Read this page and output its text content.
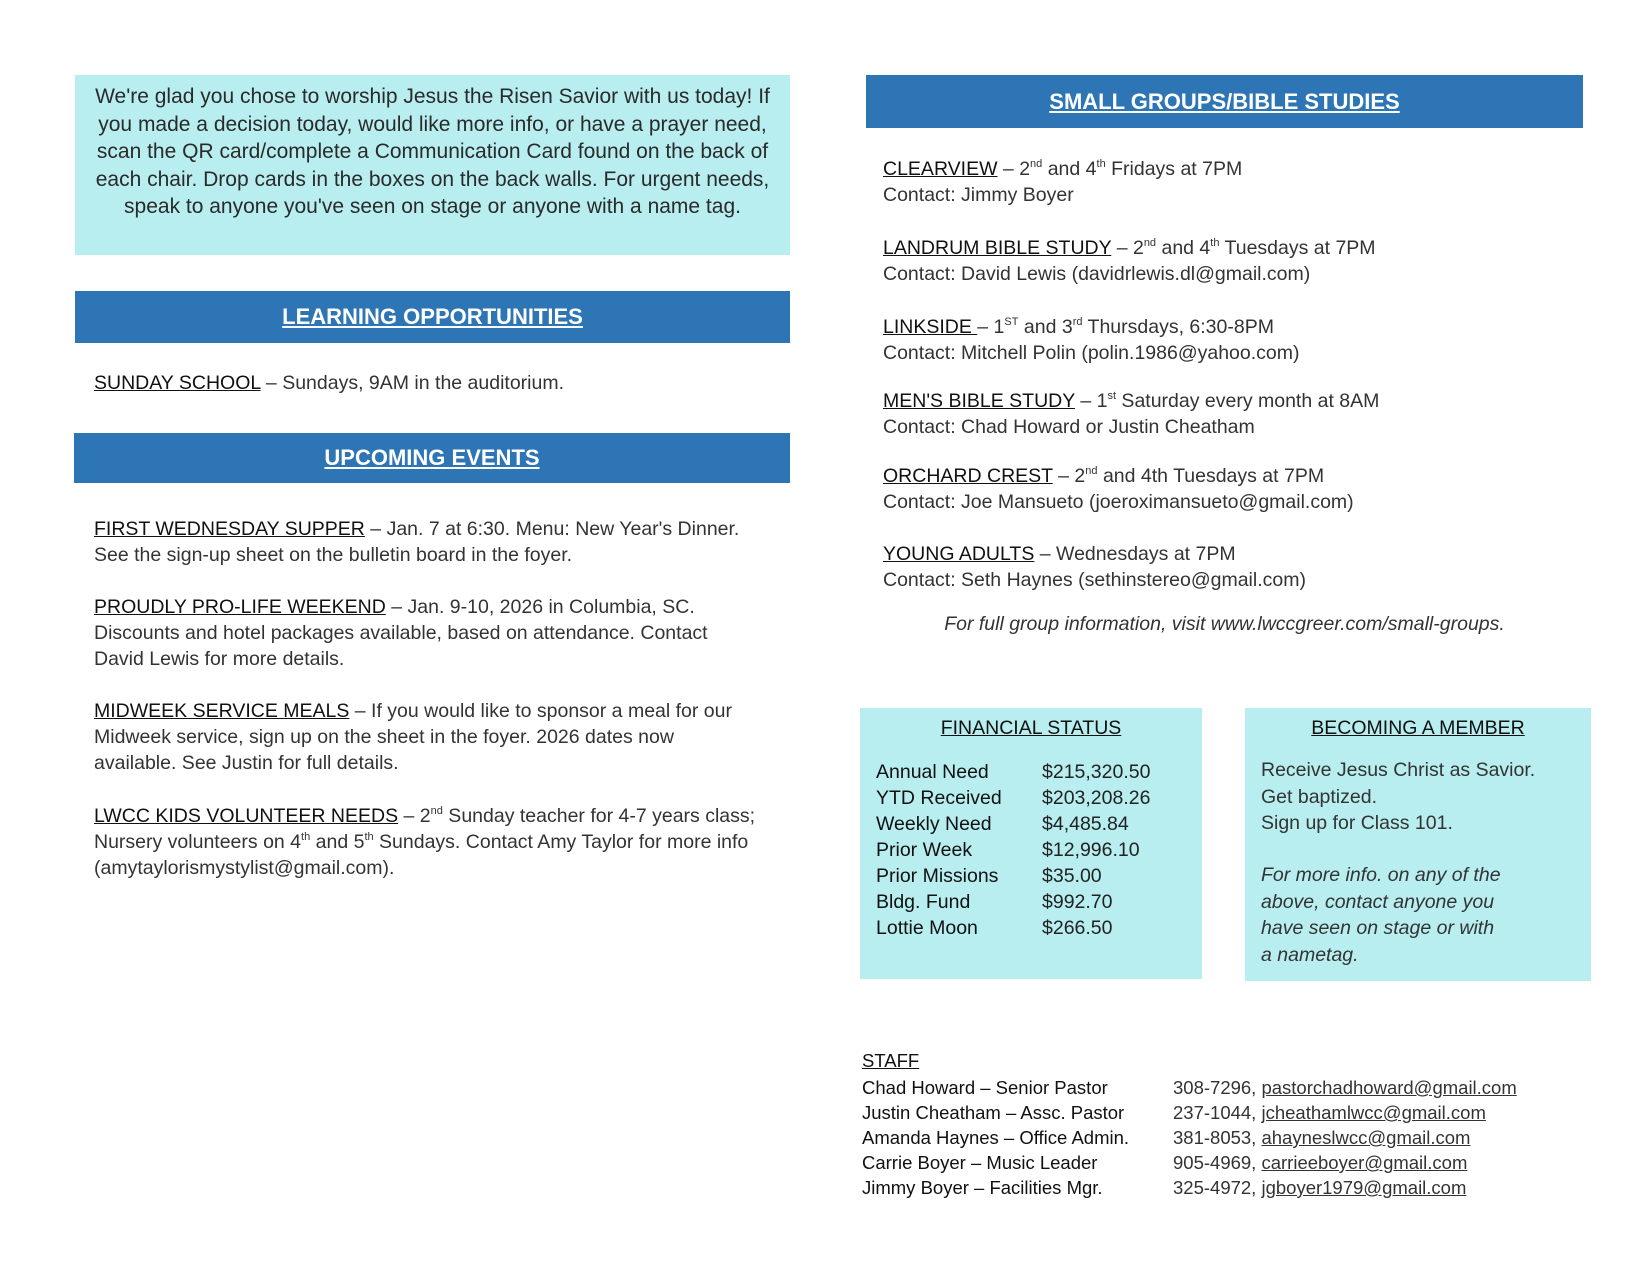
We're glad you chose to worship Jesus the Risen Savior with us today! If you made a decision today, would like more info, or have a prayer need, scan the QR card/complete a Communication Card found on the back of each chair. Drop cards in the boxes on the back walls. For urgent needs, speak to anyone you've seen on stage or anyone with a name tag.
LEARNING OPPORTUNITIES
SUNDAY SCHOOL – Sundays, 9AM in the auditorium.
UPCOMING EVENTS
FIRST WEDNESDAY SUPPER – Jan. 7 at 6:30. Menu: New Year's Dinner. See the sign-up sheet on the bulletin board in the foyer.
PROUDLY PRO-LIFE WEEKEND – Jan. 9-10, 2026 in Columbia, SC. Discounts and hotel packages available, based on attendance. Contact David Lewis for more details.
MIDWEEK SERVICE MEALS – If you would like to sponsor a meal for our Midweek service, sign up on the sheet in the foyer. 2026 dates now available. See Justin for full details.
LWCC KIDS VOLUNTEER NEEDS – 2nd Sunday teacher for 4-7 years class; Nursery volunteers on 4th and 5th Sundays. Contact Amy Taylor for more info (amytaylorismystylist@gmail.com).
SMALL GROUPS/BIBLE STUDIES
CLEARVIEW – 2nd and 4th Fridays at 7PM
Contact: Jimmy Boyer
LANDRUM BIBLE STUDY – 2nd and 4th Tuesdays at 7PM
Contact: David Lewis (davidrlewis.dl@gmail.com)
LINKSIDE – 1ST and 3rd Thursdays, 6:30-8PM
Contact: Mitchell Polin (polin.1986@yahoo.com)
MEN'S BIBLE STUDY – 1st Saturday every month at 8AM
Contact: Chad Howard or Justin Cheatham
ORCHARD CREST – 2nd and 4th Tuesdays at 7PM
Contact: Joe Mansueto (joeroximansueto@gmail.com)
YOUNG ADULTS – Wednesdays at 7PM
Contact: Seth Haynes (sethinstereo@gmail.com)
For full group information, visit www.lwccgreer.com/small-groups.
FINANCIAL STATUS
Annual Need	$215,320.50
YTD Received $203,208.26
Weekly Need	$4,485.84
Prior Week	$12,996.10
Prior Missions $35.00
Bldg. Fund	$992.70
Lottie Moon	$266.50
BECOMING A MEMBER
Receive Jesus Christ as Savior.
Get baptized.
Sign up for Class 101.
For more info. on any of the
above, contact anyone you
have seen on stage or with
a nametag.
STAFF
Chad Howard – Senior Pastor	308-7296, pastorchadhoward@gmail.com
Justin Cheatham – Assc. Pastor	237-1044, jcheathamlwcc@gmail.com
Amanda Haynes – Office Admin. 381-8053, ahayneslwcc@gmail.com
Carrie Boyer – Music Leader	905-4969, carrieeboyer@gmail.com
Jimmy Boyer – Facilities Mgr.	325-4972, jgboyer1979@gmail.com
